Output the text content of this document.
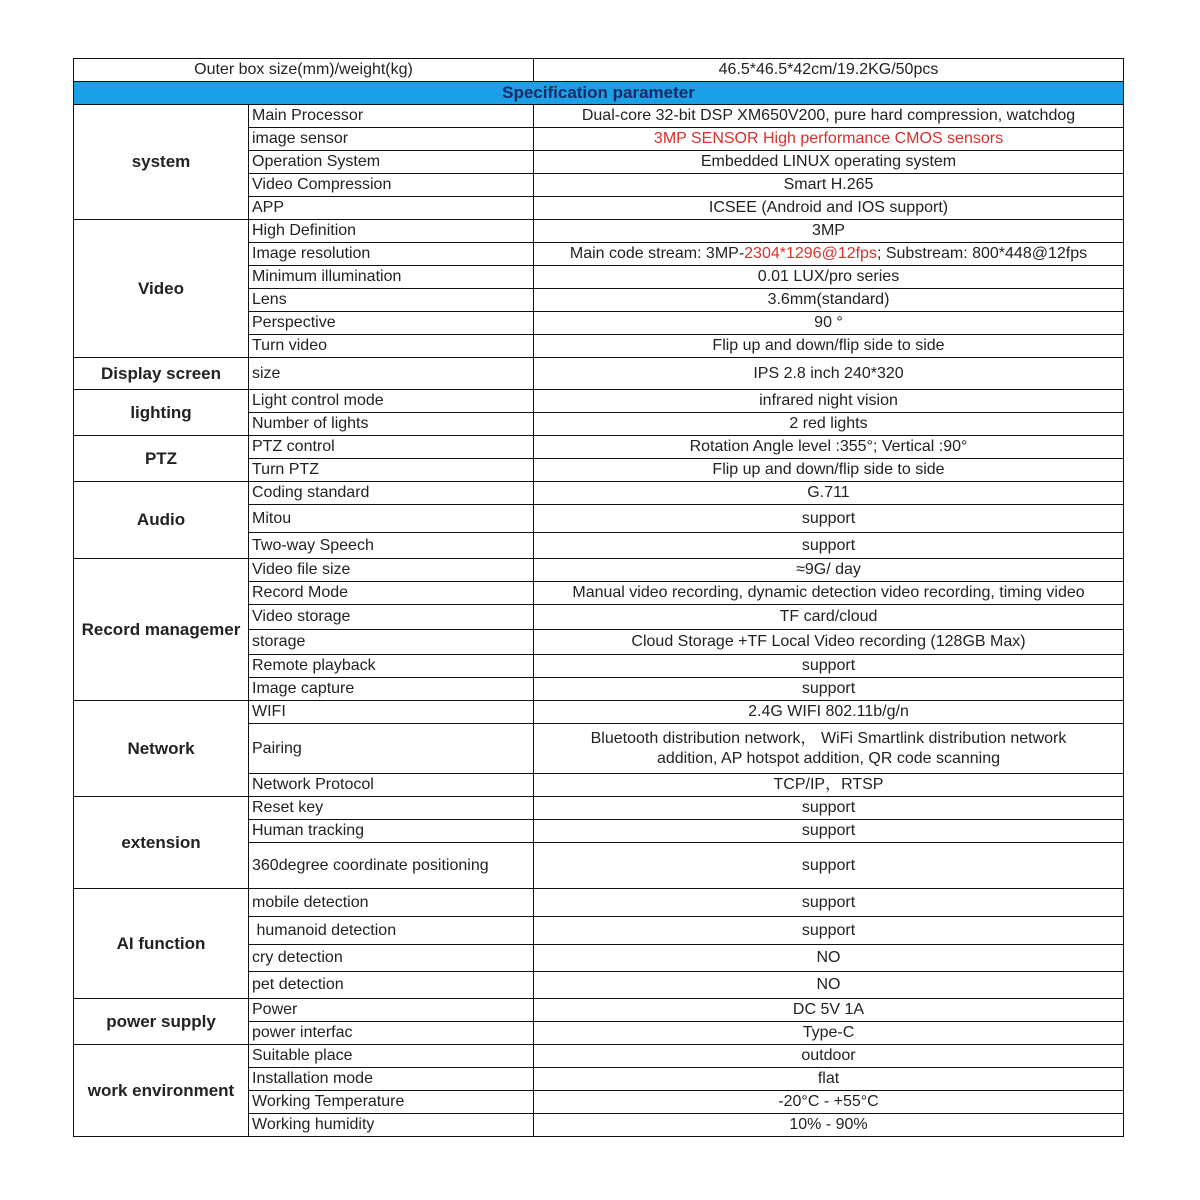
Outer box size(mm)/weight(kg)		46.5*46.5*42cm/19.2KG/50pcs
Specification parameter		
system	Main Processor	Dual-core 32-bit DSP XM650V200, pure hard compression, watchdog
	image sensor	3MP SENSOR High performance CMOS sensors
	Operation System	Embedded LINUX operating system
	Video Compression	Smart H.265
	APP	ICSEE (Android and IOS support)
Video	High Definition	3MP
	Image resolution	Main code stream: 3MP-2304*1296@12fps; Substream: 800*448@12fps
	Minimum illumination	0.01 LUX/pro series
	Lens	3.6mm(standard)
	Perspective	90 °
	Turn video	Flip up and down/flip side to side
Display screen	size	IPS 2.8 inch 240*320
lighting	Light control mode	infrared night vision
	Number of lights	2 red lights
PTZ	PTZ control	Rotation Angle level :355°; Vertical :90°
	Turn PTZ	Flip up and down/flip side to side
Audio	Coding standard	G.711
	Mitou	support
	Two-way Speech	support
Record managemer	Video file size	≈9G/ day
	Record Mode	Manual video recording, dynamic detection video recording, timing video
	Video storage	TF card/cloud
	storage	Cloud Storage +TF Local Video recording (128GB Max)
	Remote playback	support
	Image capture	support
Network	WIFI	2.4G WIFI 802.11b/g/n
	Pairing	Bluetooth distribution network， WiFi Smartlink distribution network
addition, AP hotspot addition, QR code scanning

	Network Protocol	TCP/IP，RTSP
extension	Reset key	support
	Human tracking	support
	360degree coordinate positioning	support
AI function	mobile detection	support
	humanoid detection	support
	cry detection	NO
	pet detection	NO
power supply	Power	DC 5V 1A
	power interfac	Type-C
work environment	Suitable place	outdoor
	Installation mode	flat
	Working Temperature	-20°C - +55°C
	Working humidity	10% - 90%
